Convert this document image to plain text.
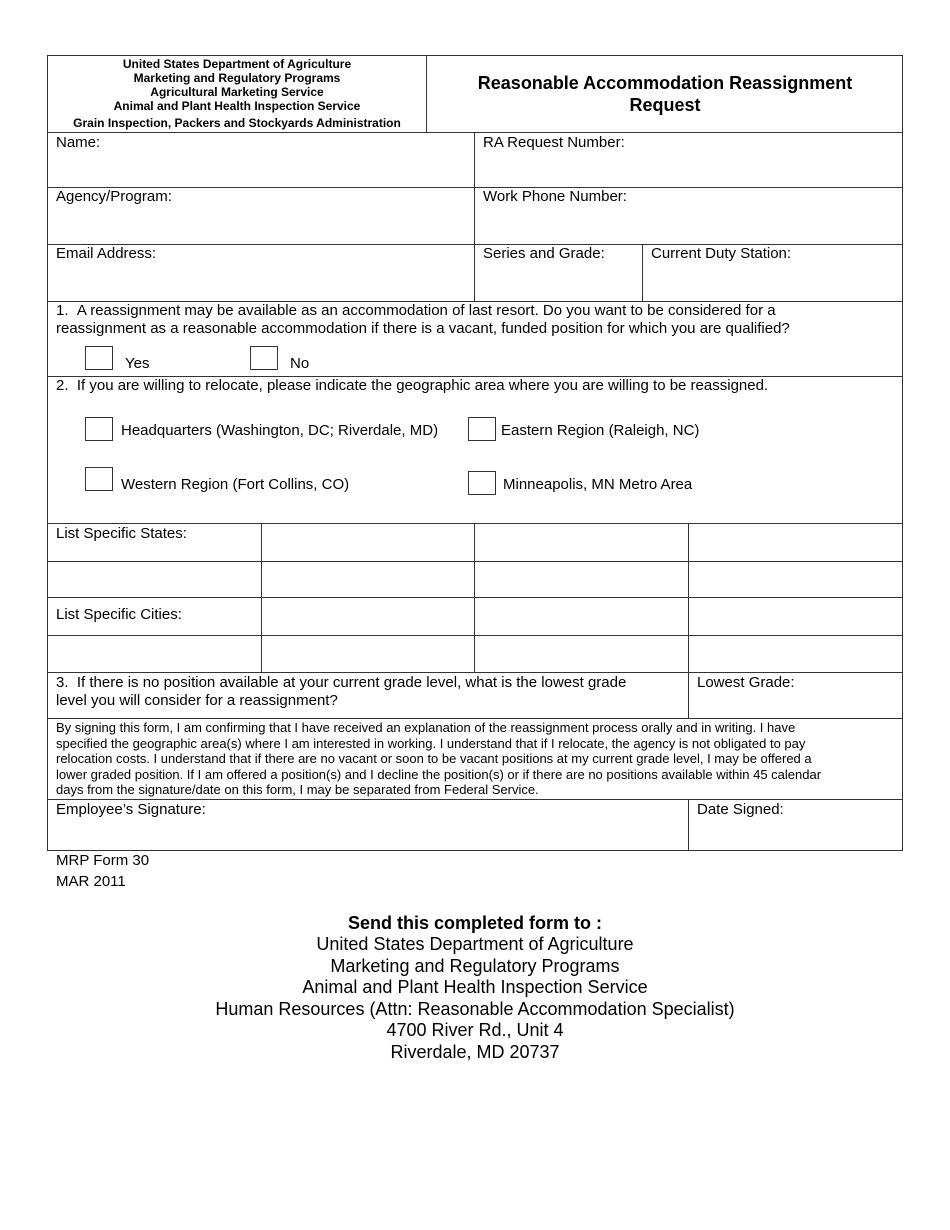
United States Department of Agriculture
Marketing and Regulatory Programs
Agricultural Marketing Service
Animal and Plant Health Inspection Service
Grain Inspection, Packers and Stockyards Administration
Reasonable Accommodation Reassignment
Request
Name:	RA Request Number:
Agency/Program:	Work Phone Number:
Email Address:	Series and Grade:	Current Duty Station:
1. A reassignment may be available as an accommodation of last resort. Do you want to be considered for a
reassignment as a reasonable accommodation if there is a vacant, funded position for which you are qualified?
Yes	No
2. If you are willing to relocate, please indicate the geographic area where you are willing to be reassigned.
Headquarters (Washington, DC; Riverdale, MD)	Eastern Region (Raleigh, NC)
Western Region (Fort Collins, CO)	Minneapolis, MN Metro Area
List Specific States:
List Specific Cities:
3. If there is no position available at your current grade level, what is the lowest grade
level you will consider for a reassignment?
Lowest Grade:
By signing this form, I am confirming that I have received an explanation of the reassignment process orally and in writing. I have
specified the geographic area(s) where I am interested in working. I understand that if I relocate, the agency is not obligated to pay
relocation costs. I understand that if there are no vacant or soon to be vacant positions at my current grade level, I may be offered a
lower graded position. If I am offered a position(s) and I decline the position(s) or if there are no positions available within 45 calendar
days from the signature/date on this form, I may be separated from Federal Service.
Employee’s Signature:	Date Signed:
MRP Form 30
MAR 2011
Send this completed form to :
United States Department of Agriculture
Marketing and Regulatory Programs
Animal and Plant Health Inspection Service
Human Resources (Attn: Reasonable Accommodation Specialist)
4700 River Rd., Unit 4
Riverdale, MD 20737
